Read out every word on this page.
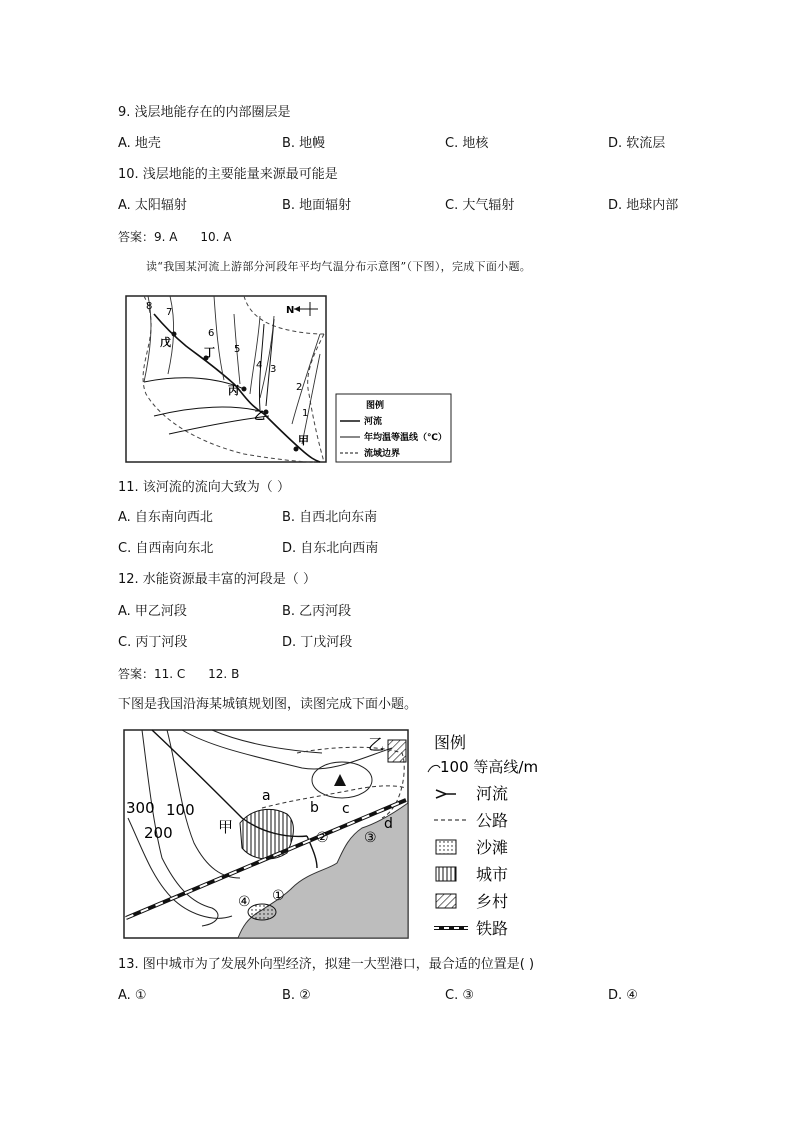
9. 浅层地能存在的内部圈层是
A. 地壳	B. 地幔	C. 地核	D. 软流层
10. 浅层地能的主要能量来源最可能是
A. 太阳辐射	B. 地面辐射	C. 大气辐射	D. 地球内部
答案：9. A      10. A
读“我国某河流上游部分河段年平均气温分布示意图”（下图），完成下面小题。
8
7
6
5
4 3
2
1
戊
丁
丙
乙
甲
N
图例
河流
年均温等温线（℃）
流域边界
11. 该河流的流向大致为（ ）
A. 自东南向西北	B. 自西北向东南
C. 自西南向东北	D. 自东北向西南
12. 水能资源最丰富的河段是（ ）
A. 甲乙河段	B. 乙丙河段
C. 丙丁河段	D. 丁戊河段
答案：11. C      12. B
下图是我国沿海某城镇规划图，读图完成下面小题。
300 100
200	甲
乙
a
b c
d
①
②	③
④
图例
100 等高线/m
河流
公路
沙滩
城市
乡村
铁路
13. 图中城市为了发展外向型经济，拟建一大型港口，最合适的位置是( )
A. ①	B. ②	C. ③	D. ④
